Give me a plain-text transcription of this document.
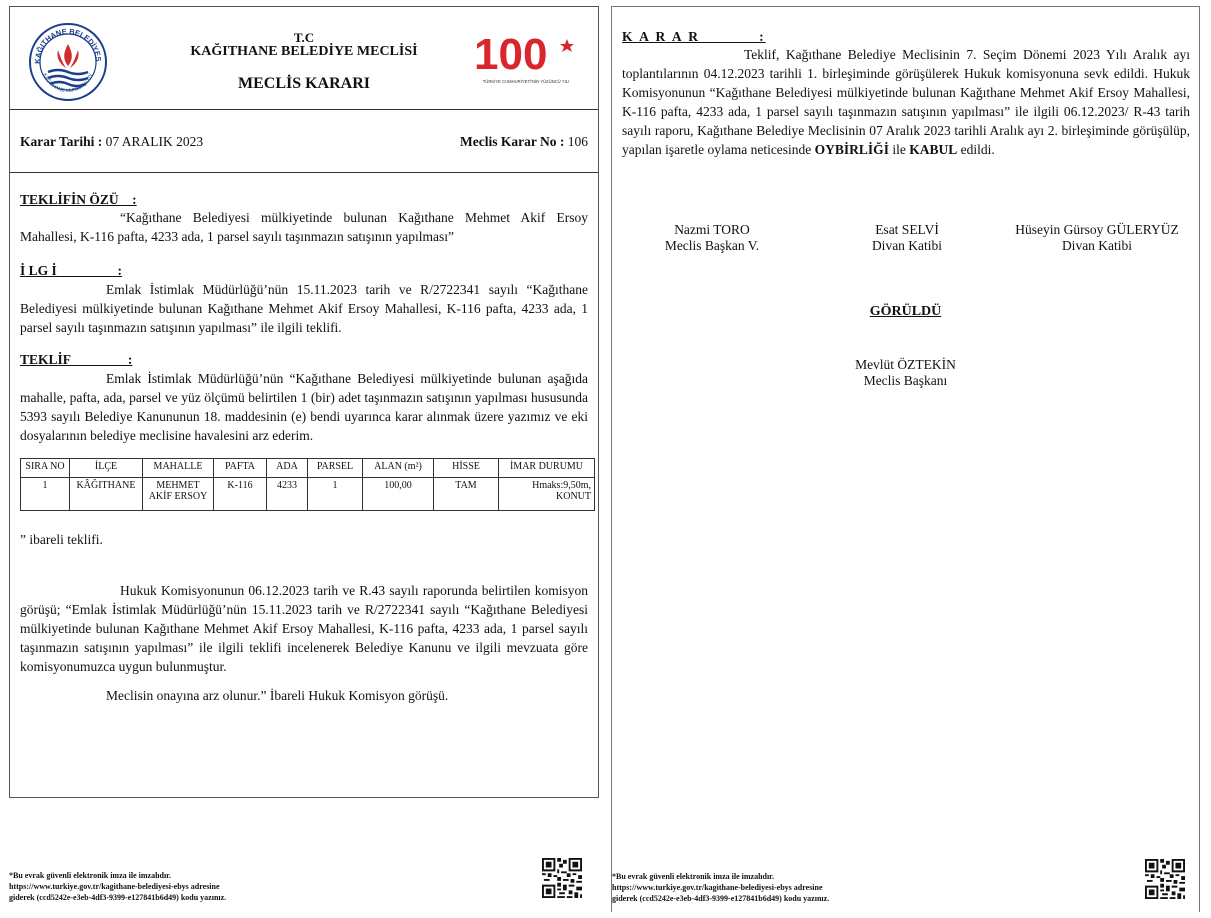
KAĞITHANE BELEDİYES
KAĞITHANE MUNICIPALITY
T.C
KAĞITHANE BELEDİYE MECLİSİ
MECLİS KARARI
100
TÜRKİYE CUMHURİYETİ'NİN YÜZÜNCÜ YILI
Karar Tarihi : 07 ARALIK 2023	Meclis Karar No : 106
TEKLİFİN ÖZÜ    :
“Kağıthane Belediyesi mülkiyetinde bulunan Kağıthane Mehmet Akif Ersoy Mahallesi, K-116 pafta, 4233 ada, 1 parsel sayılı taşınmazın satışının yapılması”
İ LG İ                  :
Emlak İstimlak Müdürlüğü’nün 15.11.2023 tarih ve R/2722341 sayılı “Kağıthane Belediyesi mülkiyetinde bulunan Kağıthane Mehmet Akif Ersoy Mahallesi, K-116 pafta, 4233 ada, 1 parsel sayılı taşınmazın satışının yapılması” ile ilgili teklifi.
TEKLİF                 :
Emlak İstimlak Müdürlüğü’nün “Kağıthane Belediyesi mülkiyetinde bulunan aşağıda mahalle, pafta, ada, parsel ve yüz ölçümü belirtilen 1 (bir) adet taşınmazın satışının yapılması hususunda 5393 sayılı Belediye Kanununun 18. maddesinin (e) bendi uyarınca karar alınmak üzere yazımız ve eki dosyalarının belediye meclisine havalesini arz ederim.
SIRA NO	İLÇE	MAHALLE	PAFTA	ADA	PARSEL	ALAN (m²)	HİSSE	İMAR DURUMU
1	KÂĞITHANE	MEHMET AKİF ERSOY	K-116	4233	1	100,00	TAM	Hmaks:9,50m, KONUT
” ibareli teklifi.
Hukuk Komisyonunun 06.12.2023 tarih ve R.43 sayılı raporunda belirtilen komisyon görüşü; “Emlak İstimlak Müdürlüğü’nün 15.11.2023 tarih ve R/2722341 sayılı “Kağıthane Belediyesi mülkiyetinde bulunan Kağıthane Mehmet Akif Ersoy Mahallesi, K-116 pafta, 4233 ada, 1 parsel sayılı taşınmazın satışının yapılması” ile ilgili teklifi incelenerek Belediye Kanunu ve ilgili mevzuata göre komisyonumuzca uygun bulunmuştur.
Meclisin onayına arz olunur.” İbareli Hukuk Komisyon görüşü.
*Bu evrak güvenli elektronik imza ile imzalıdır.
https://www.turkiye.gov.tr/kagithane-belediyesi-ebys adresine
giderek (ccd5242e-e3eb-4df3-9399-e127841b6d49) kodu yazınız.
K A R A R           :
Teklif, Kağıthane Belediye Meclisinin 7. Seçim Dönemi 2023 Yılı Aralık ayı toplantılarının 04.12.2023 tarihli 1. birleşiminde görüşülerek Hukuk komisyonuna sevk edildi. Hukuk Komisyonunun “Kağıthane Belediyesi mülkiyetinde bulunan Kağıthane Mehmet Akif Ersoy Mahallesi, K-116 pafta, 4233 ada, 1 parsel sayılı taşınmazın satışının yapılması” ile ilgili 06.12.2023/ R-43 tarih sayılı raporu, Kağıthane Belediye Meclisinin 07 Aralık 2023 tarihli Aralık ayı 2. birleşiminde görüşülüp, yapılan işaretle oylama neticesinde OYBİRLİĞİ ile KABUL edildi.
Nazmi TORO
Meclis Başkan V.
Esat SELVİ
Divan Katibi
Hüseyin Gürsoy GÜLERYÜZ
Divan Katibi
GÖRÜLDÜ
Mevlüt ÖZTEKİN
Meclis Başkanı
*Bu evrak güvenli elektronik imza ile imzalıdır.
https://www.turkiye.gov.tr/kagithane-belediyesi-ebys adresine
giderek (ccd5242e-e3eb-4df3-9399-e127841b6d49) kodu yazınız.
